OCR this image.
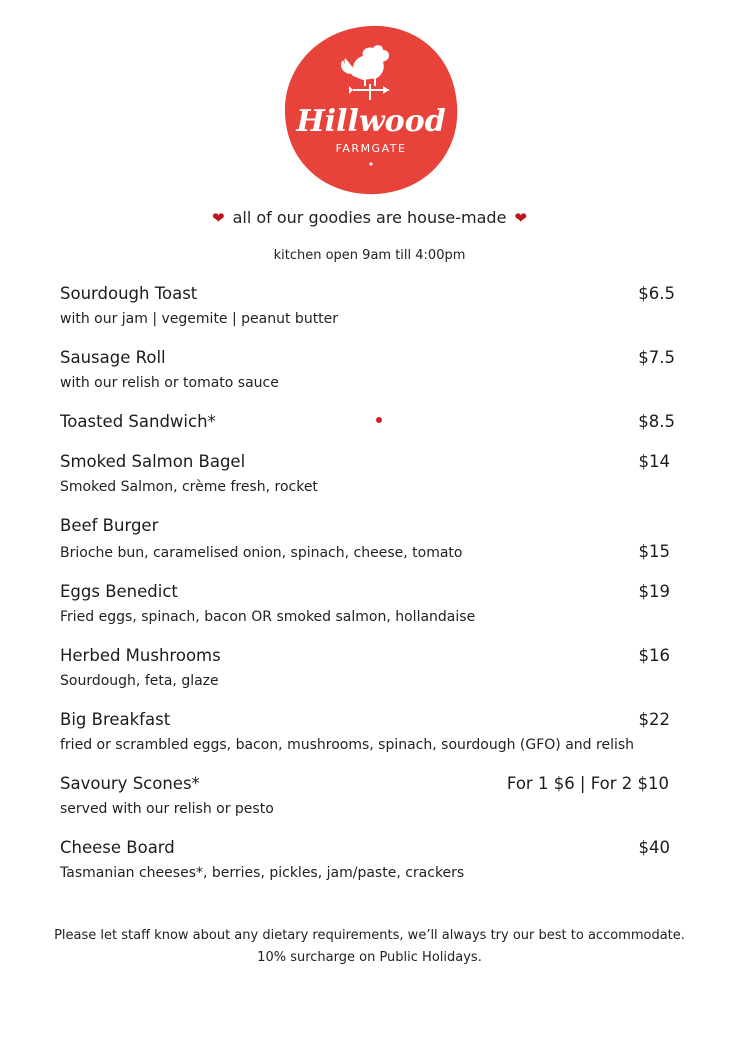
Hillwood
FARMGATE
❤ all of our goodies are house-made ❤
kitchen open 9am till 4:00pm
Sourdough Toast	$6.5
with our jam | vegemite | peanut butter
Sausage Roll	$7.5
with our relish or tomato sauce
Toasted Sandwich*	$8.5
Smoked Salmon Bagel	$14
Smoked Salmon, crème fresh, rocket
Beef Burger
Brioche bun, caramelised onion, spinach, cheese, tomato	$15
Eggs Benedict	$19
Fried eggs, spinach, bacon OR smoked salmon, hollandaise
Herbed Mushrooms	$16
Sourdough, feta, glaze
Big Breakfast	$22
fried or scrambled eggs, bacon, mushrooms, spinach, sourdough (GFO) and relish
Savoury Scones*	For 1 $6 | For 2 $10
served with our relish or pesto
Cheese Board	$40
Tasmanian cheeses*, berries, pickles, jam/paste, crackers
Please let staff know about any dietary requirements, we’ll always try our best to accommodate.
10% surcharge on Public Holidays.
